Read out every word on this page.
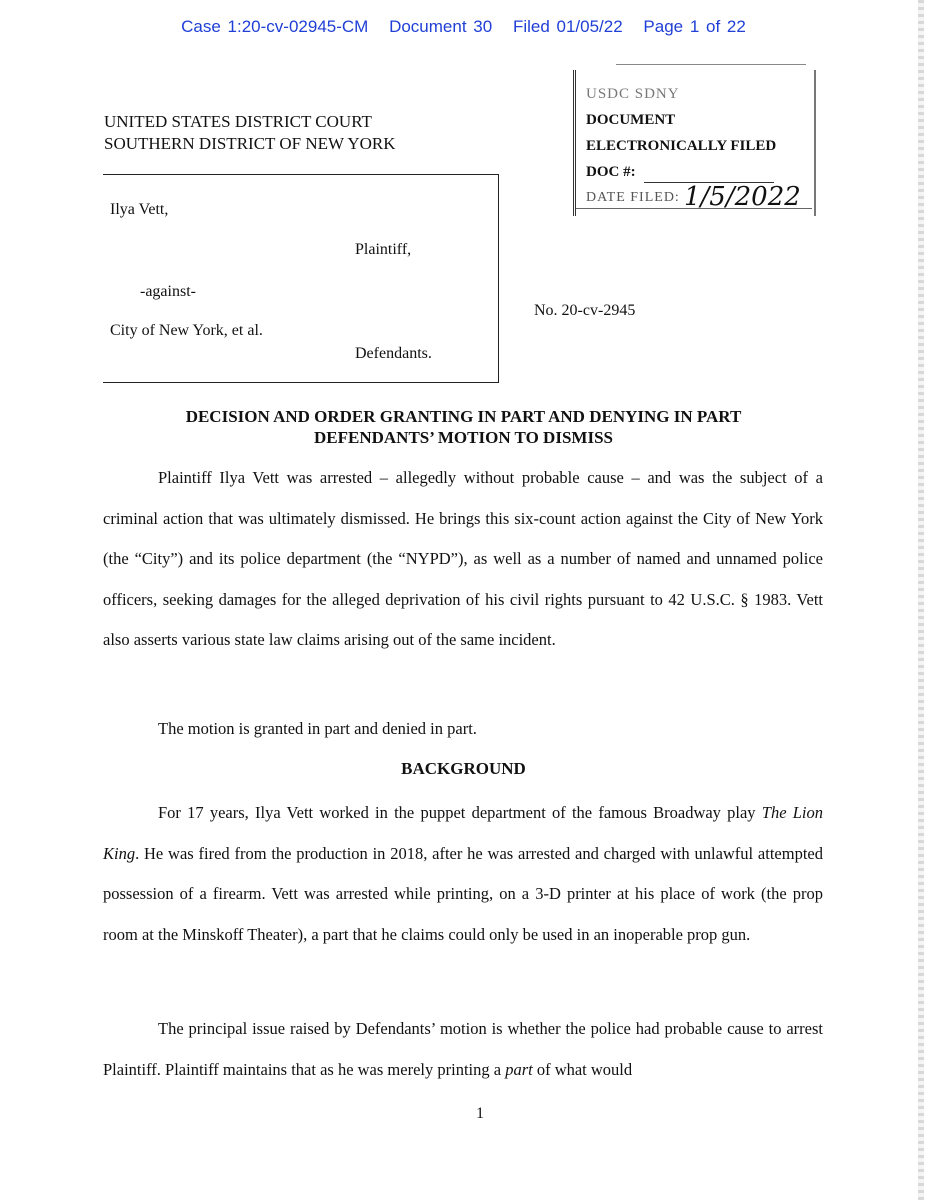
Case 1:20-cv-02945-CM Document 30 Filed 01/05/22 Page 1 of 22
UNITED STATES DISTRICT COURT
SOUTHERN DISTRICT OF NEW YORK
Ilya Vett,
Plaintiff,
-against-
City of New York, et al.
Defendants.
USDC SDNY
DOCUMENT
ELECTRONICALLY FILED
DOC #:
DATE FILED: 1/5/2022
No. 20-cv-2945
DECISION AND ORDER GRANTING IN PART AND DENYING IN PART
DEFENDANTS’ MOTION TO DISMISS

Plaintiff Ilya Vett was arrested – allegedly without probable cause – and was the subject of a criminal action that was ultimately dismissed. He brings this six-count action against the City of New York (the “City”) and its police department (the “NYPD”), as well as a number of named and unnamed police officers, seeking damages for the alleged deprivation of his civil rights pursuant to 42 U.S.C. § 1983. Vett also asserts various state law claims arising out of the same incident.

The motion is granted in part and denied in part.

BACKGROUND

For 17 years, Ilya Vett worked in the puppet department of the famous Broadway play The Lion King. He was fired from the production in 2018, after he was arrested and charged with unlawful attempted possession of a firearm. Vett was arrested while printing, on a 3-D printer at his place of work (the prop room at the Minskoff Theater), a part that he claims could only be used in an inoperable prop gun.

The principal issue raised by Defendants’ motion is whether the police had probable cause to arrest Plaintiff. Plaintiff maintains that as he was merely printing a part of what would

1
